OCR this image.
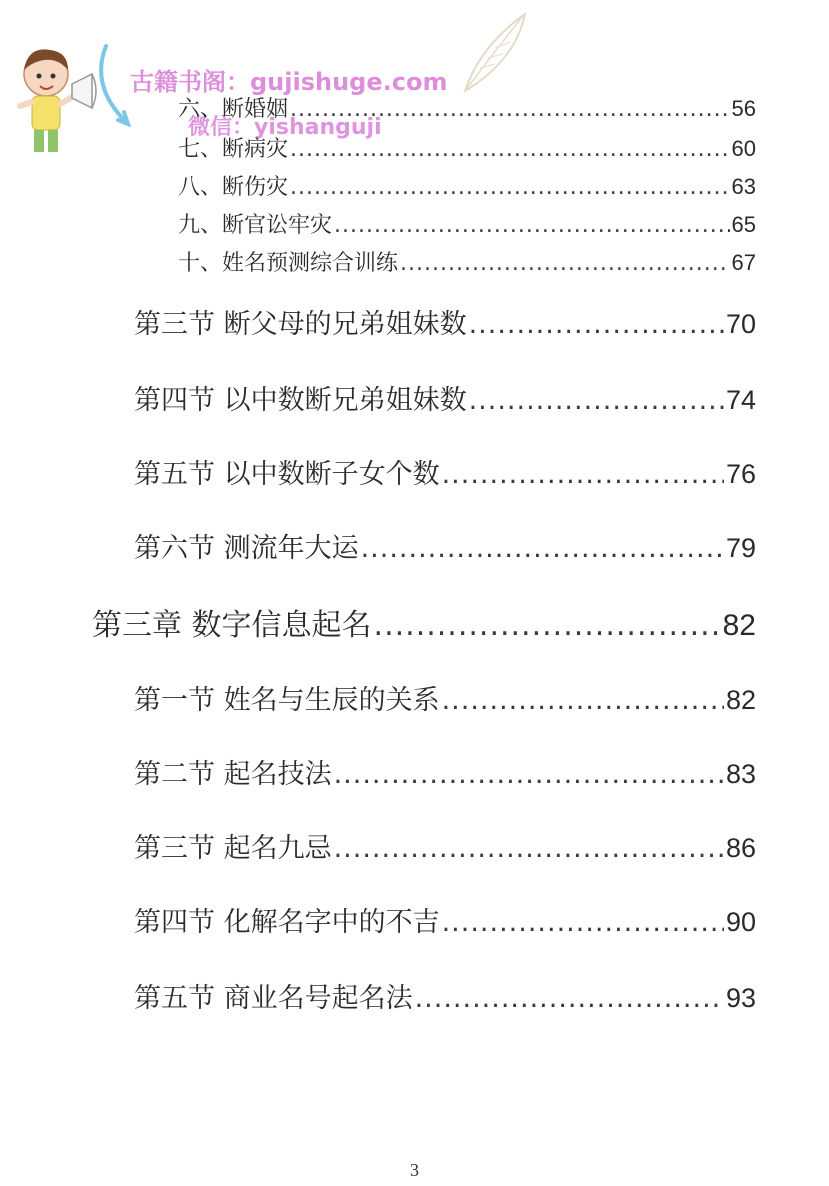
古籍书阁：gujishuge.com
微信：yishanguji
六、断婚姻 .....	56
七、断病灾 .....	60
八、断伤灾 .....	63
九、断官讼牢灾 .....	65
十、姓名预测综合训练 .....	67
第三节 断父母的兄弟姐妹数 .....	70
第四节 以中数断兄弟姐妹数 .....	74
第五节 以中数断子女个数 .....	76
第六节 测流年大运 .....	79
第三章 数字信息起名 .....	82
第一节 姓名与生辰的关系 .....	82
第二节 起名技法 .....	83
第三节 起名九忌 .....	86
第四节 化解名字中的不吉 .....	90
第五节 商业名号起名法 .....	93
3
